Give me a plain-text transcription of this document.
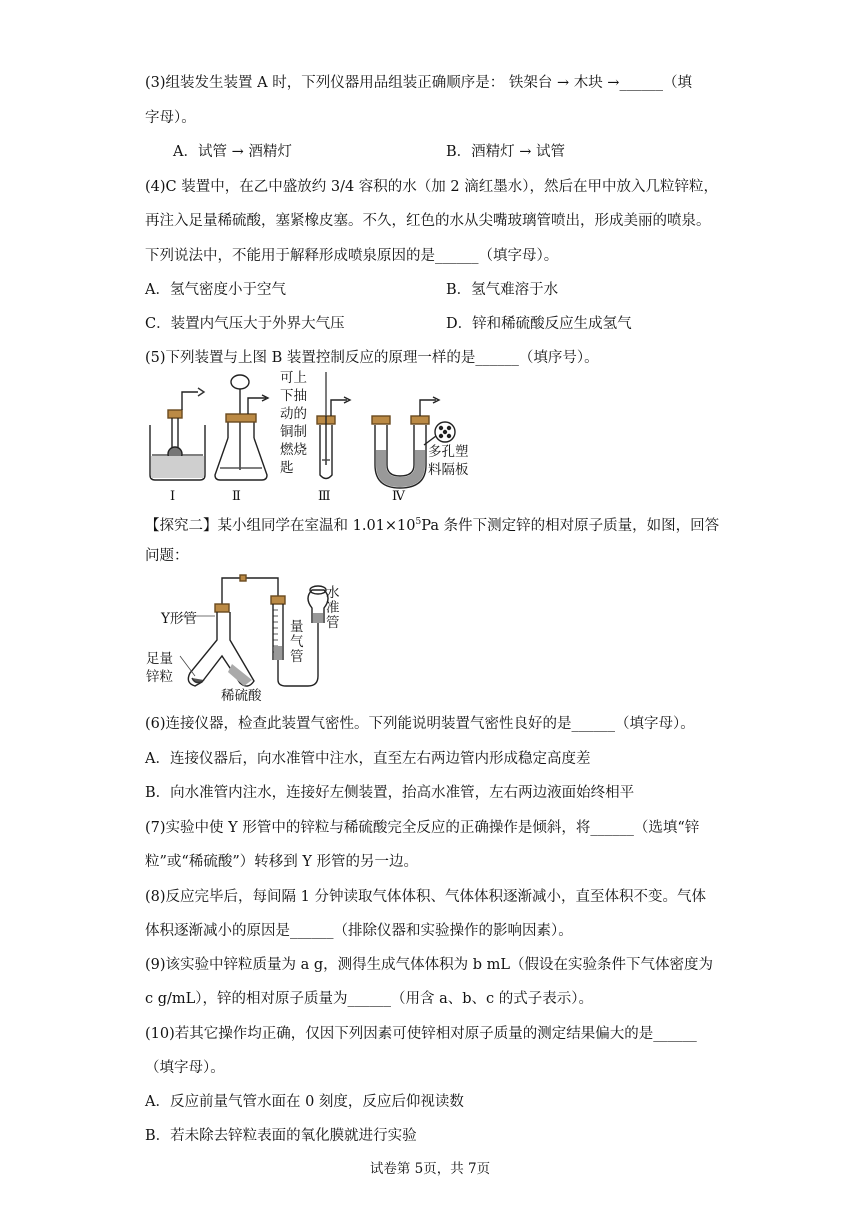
(3)组装发生装置 A 时，下列仪器用品组装正确顺序是： 铁架台 → 木块 →______（填
字母）。
A．试管 → 酒精灯	B．酒精灯 → 试管
(4)C 装置中，在乙中盛放约 3/4 容积的水（加 2 滴红墨水），然后在甲中放入几粒锌粒，
再注入足量稀硫酸，塞紧橡皮塞。不久，红色的水从尖嘴玻璃管喷出，形成美丽的喷泉。
下列说法中，不能用于解释形成喷泉原因的是______（填字母）。
A．氢气密度小于空气	B．氢气难溶于水
C．装置内气压大于外界大气压	D．锌和稀硫酸反应生成氢气
(5)下列装置与上图 B 装置控制反应的原理一样的是______（填序号）。
Ⅰ	Ⅱ	Ⅲ	Ⅳ
可上
下抽
动的
铜制
燃烧
匙
多孔塑
料隔板
【探究二】某小组同学在室温和 $1.01\times 10^5Pa$ 条件下测定锌的相对原子质量，如图，回答
问题：
Y形管
足量
锌粒
稀硫酸
量
气
管
水
准
管
(6)连接仪器，检查此装置气密性。下列能说明装置气密性良好的是______（填字母）。
A．连接仪器后，向水准管中注水，直至左右两边管内形成稳定高度差
B．向水准管内注水，连接好左侧装置，抬高水准管，左右两边液面始终相平
(7)实验中使 Y 形管中的锌粒与稀硫酸完全反应的正确操作是倾斜，将______（选填“锌
粒”或“稀硫酸”）转移到 Y 形管的另一边。
(8)反应完毕后，每间隔 1 分钟读取气体体积、气体体积逐渐减小，直至体积不变。气体
体积逐渐减小的原因是______（排除仪器和实验操作的影响因素）。
(9)该实验中锌粒质量为 a g，测得生成气体体积为 b mL（假设在实验条件下气体密度为
c g/mL），锌的相对原子质量为______（用含 a、b、c 的式子表示）。
(10)若其它操作均正确，仅因下列因素可使锌相对原子质量的测定结果偏大的是______
（填字母）。
A．反应前量气管水面在 0 刻度，反应后仰视读数
B．若未除去锌粒表面的氧化膜就进行实验
试卷第 5页，共 7页
